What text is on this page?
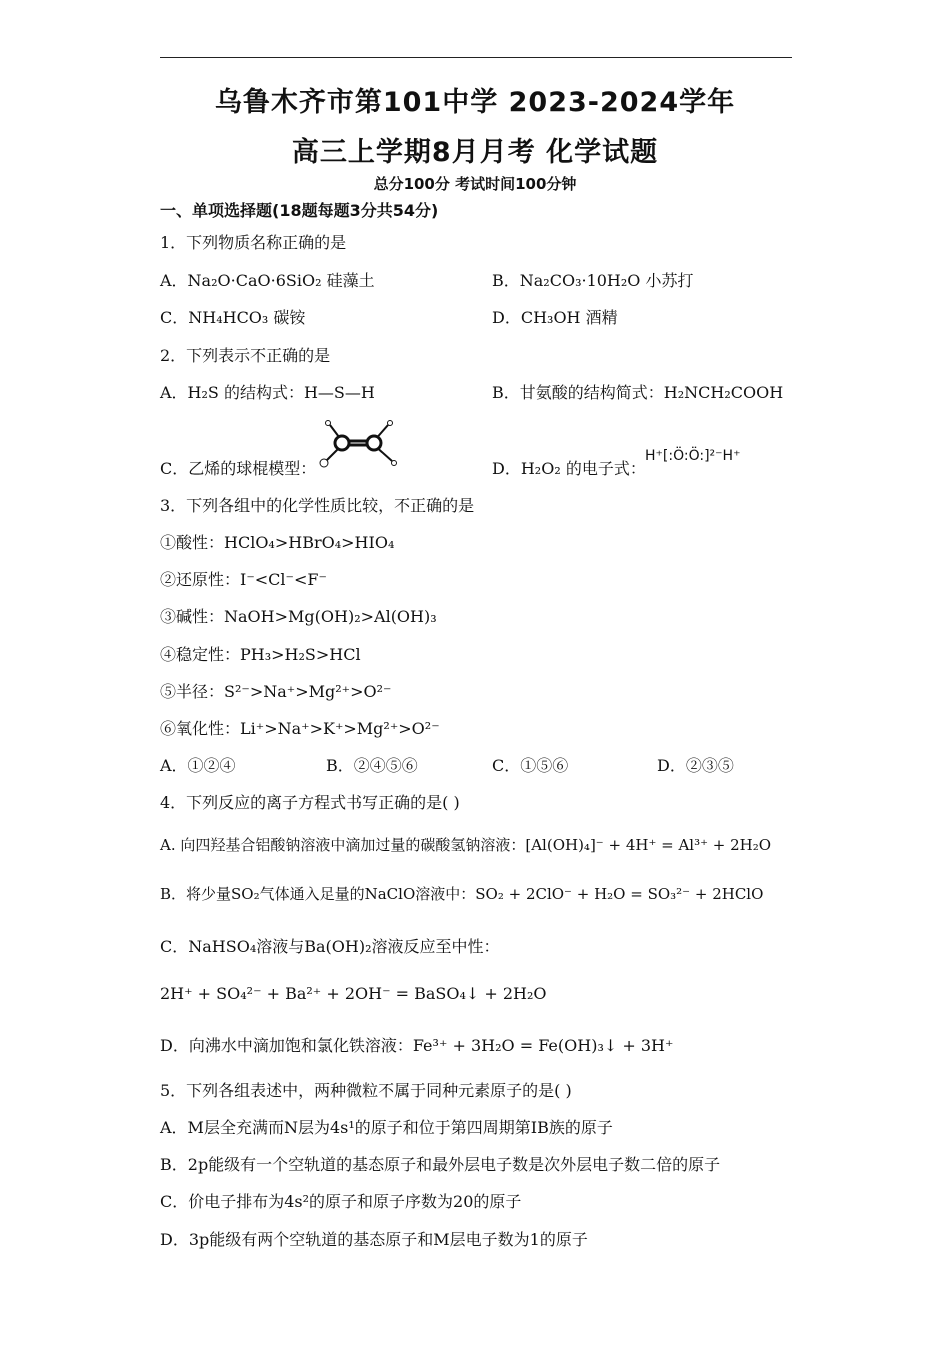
乌鲁木齐市第101中学 2023-2024学年
高三上学期8月月考 化学试题
总分100分 考试时间100分钟
一、单项选择题(18题每题3分共54分)
1．下列物质名称正确的是
A．Na₂O·CaO·6SiO₂ 硅藻土	B．Na₂CO₃·10H₂O 小苏打
C．NH₄HCO₃ 碳铵	D．CH₃OH 酒精
2．下列表示不正确的是
A．H₂S 的结构式：H—S—H	B．甘氨酸的结构简式：H₂NCH₂COOH
C．乙烯的球棍模型：	D．H₂O₂ 的电子式：
H⁺[:Ö:Ö:]²⁻H⁺
3．下列各组中的化学性质比较，不正确的是
①酸性：HClO₄>HBrO₄>HIO₄
②还原性：I⁻<Cl⁻<F⁻
③碱性：NaOH>Mg(OH)₂>Al(OH)₃
④稳定性：PH₃>H₂S>HCl
⑤半径：S²⁻>Na⁺>Mg²⁺>O²⁻
⑥氧化性：Li⁺>Na⁺>K⁺>Mg²⁺>O²⁻
A．①②④	B．②④⑤⑥	C．①⑤⑥	D．②③⑤
4．下列反应的离子方程式书写正确的是( )
A. 向四羟基合铝酸钠溶液中滴加过量的碳酸氢钠溶液：[Al(OH)₄]⁻ + 4H⁺ = Al³⁺ + 2H₂O
B．将少量SO₂气体通入足量的NaClO溶液中：SO₂ + 2ClO⁻ + H₂O = SO₃²⁻ + 2HClO
C．NaHSO₄溶液与Ba(OH)₂溶液反应至中性：
2H⁺ + SO₄²⁻ + Ba²⁺ + 2OH⁻ = BaSO₄↓ + 2H₂O
D．向沸水中滴加饱和氯化铁溶液：Fe³⁺ + 3H₂O = Fe(OH)₃↓ + 3H⁺
5．下列各组表述中，两种微粒不属于同种元素原子的是( )
A．M层全充满而N层为4s¹的原子和位于第四周期第IB族的原子
B．2p能级有一个空轨道的基态原子和最外层电子数是次外层电子数二倍的原子
C．价电子排布为4s²的原子和原子序数为20的原子
D．3p能级有两个空轨道的基态原子和M层电子数为1的原子
